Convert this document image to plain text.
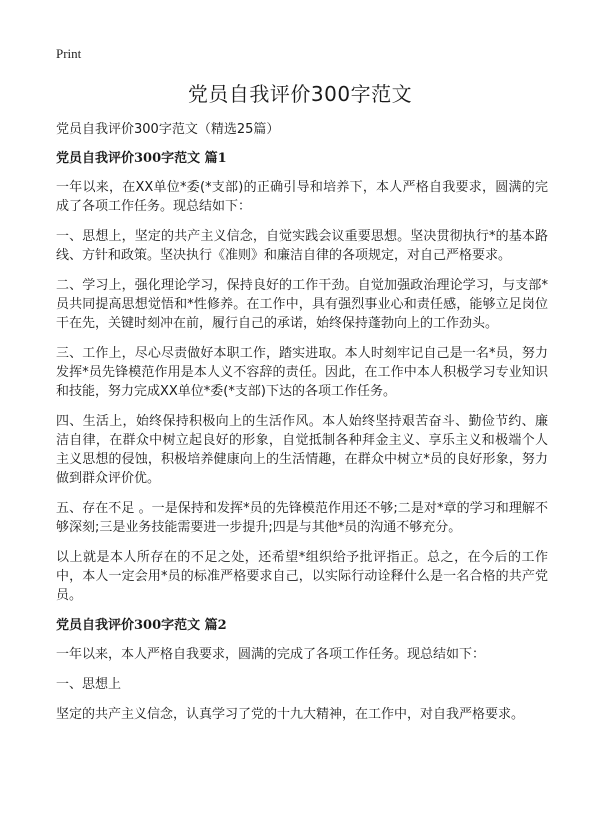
Print
党员自我评价300字范文

党员自我评价300字范文（精选25篇）

党员自我评价300字范文 篇1

一年以来，在XX单位*委(*支部)的正确引导和培养下，本人严格自我要求，圆满的完成了各项工作任务。现总结如下：

一、思想上，坚定的共产主义信念，自觉实践会议重要思想。坚决贯彻执行*的基本路线、方针和政策。坚决执行《准则》和廉洁自律的各项规定，对自己严格要求。

二、学习上，强化理论学习，保持良好的工作干劲。自觉加强政治理论学习，与支部*员共同提高思想觉悟和*性修养。在工作中，具有强烈事业心和责任感，能够立足岗位干在先，关键时刻冲在前，履行自己的承诺，始终保持蓬勃向上的工作劲头。

三、工作上，尽心尽责做好本职工作，踏实进取。本人时刻牢记自己是一名*员，努力发挥*员先锋模范作用是本人义不容辞的责任。因此，在工作中本人积极学习专业知识和技能，努力完成XX单位*委(*支部)下达的各项工作任务。

四、生活上，始终保持积极向上的生活作风。本人始终坚持艰苦奋斗、勤俭节约、廉洁自律，在群众中树立起良好的形象，自觉抵制各种拜金主义、享乐主义和极端个人主义思想的侵蚀，积极培养健康向上的生活情趣，在群众中树立*员的良好形象，努力做到群众评价优。

五、存在不足 。一是保持和发挥*员的先锋模范作用还不够;二是对*章的学习和理解不够深刻;三是业务技能需要进一步提升;四是与其他*员的沟通不够充分。

以上就是本人所存在的不足之处，还希望*组织给予批评指正。总之，在今后的工作中，本人一定会用*员的标准严格要求自己，以实际行动诠释什么是一名合格的共产党员。

党员自我评价300字范文 篇2

一年以来，本人严格自我要求，圆满的完成了各项工作任务。现总结如下：

一、思想上

坚定的共产主义信念，认真学习了党的十九大精神，在工作中，对自我严格要求。
